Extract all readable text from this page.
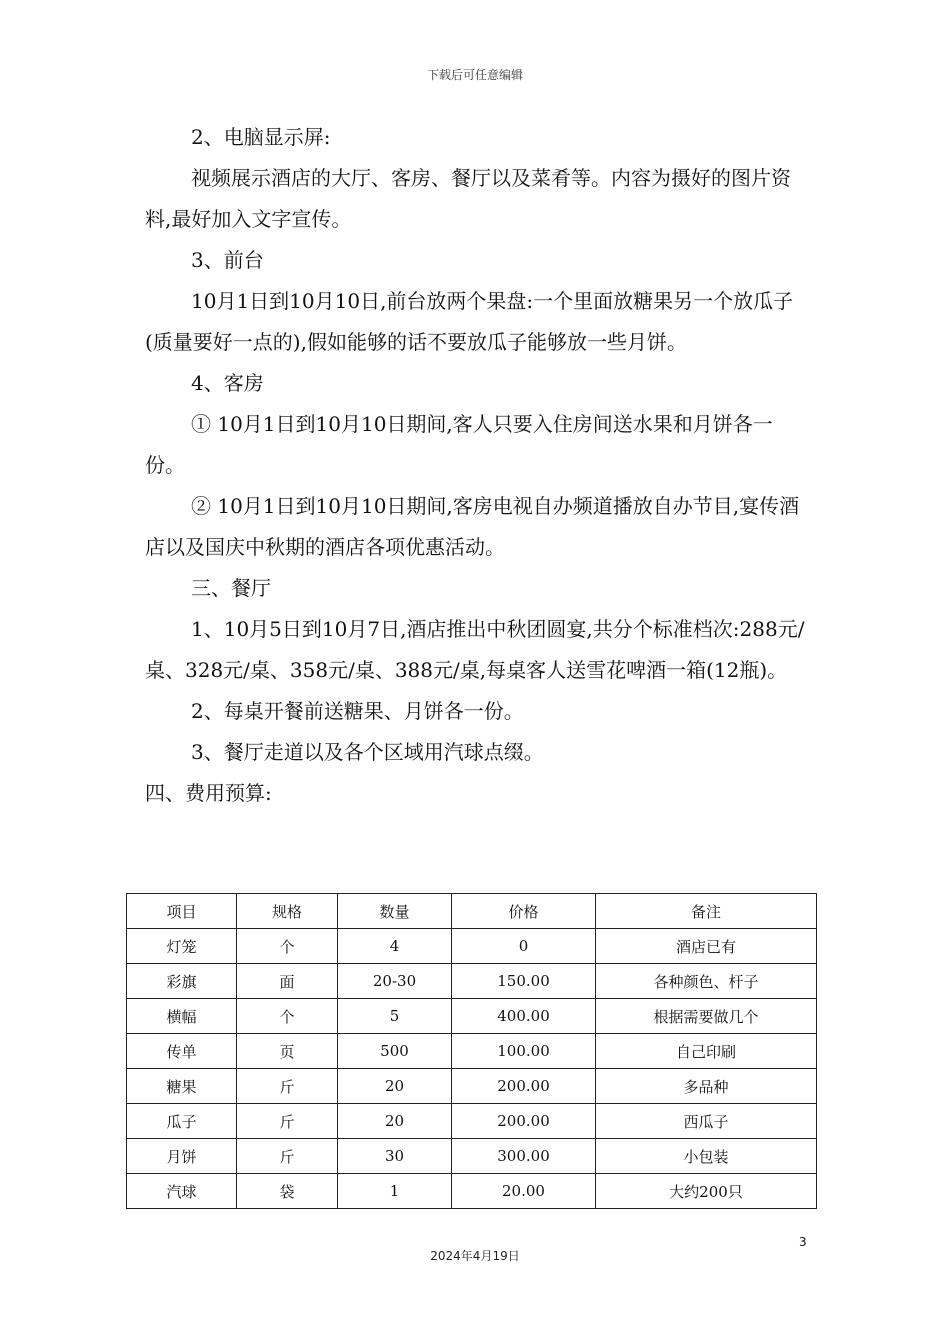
下载后可任意编辑

2、电脑显示屏:

视频展示酒店的大厅、客房、餐厅以及菜肴等。内容为摄好的图片资料,最好加入文字宣传。

3、前台

10月1日到10月10日,前台放两个果盘:一个里面放糖果另一个放瓜子(质量要好一点的),假如能够的话不要放瓜子能够放一些月饼。

4、客房

① 10月1日到10月10日期间,客人只要入住房间送水果和月饼各一份。

② 10月1日到10月10日期间,客房电视自办频道播放自办节目,宴传酒店以及国庆中秋期的酒店各项优惠活动。

三、餐厅

1、10月5日到10月7日,酒店推出中秋团圆宴,共分个标准档次:288元/桌、328元/桌、358元/桌、388元/桌,每桌客人送雪花啤酒一箱(12瓶)。

2、每桌开餐前送糖果、月饼各一份。

3、餐厅走道以及各个区域用汽球点缀。

四、费用预算:

项目	规格	数量	价格	备注
灯笼	个	4	0	酒店已有
彩旗	面	20-30	150.00	各种颜色、杆子
横幅	个	5	400.00	根据需要做几个
传单	页	500	100.00	自己印刷
糖果	斤	20	200.00	多品种
瓜子	斤	20	200.00	西瓜子
月饼	斤	30	300.00	小包装
汽球	袋	1	20.00	大约200只
3
2024年4月19日
